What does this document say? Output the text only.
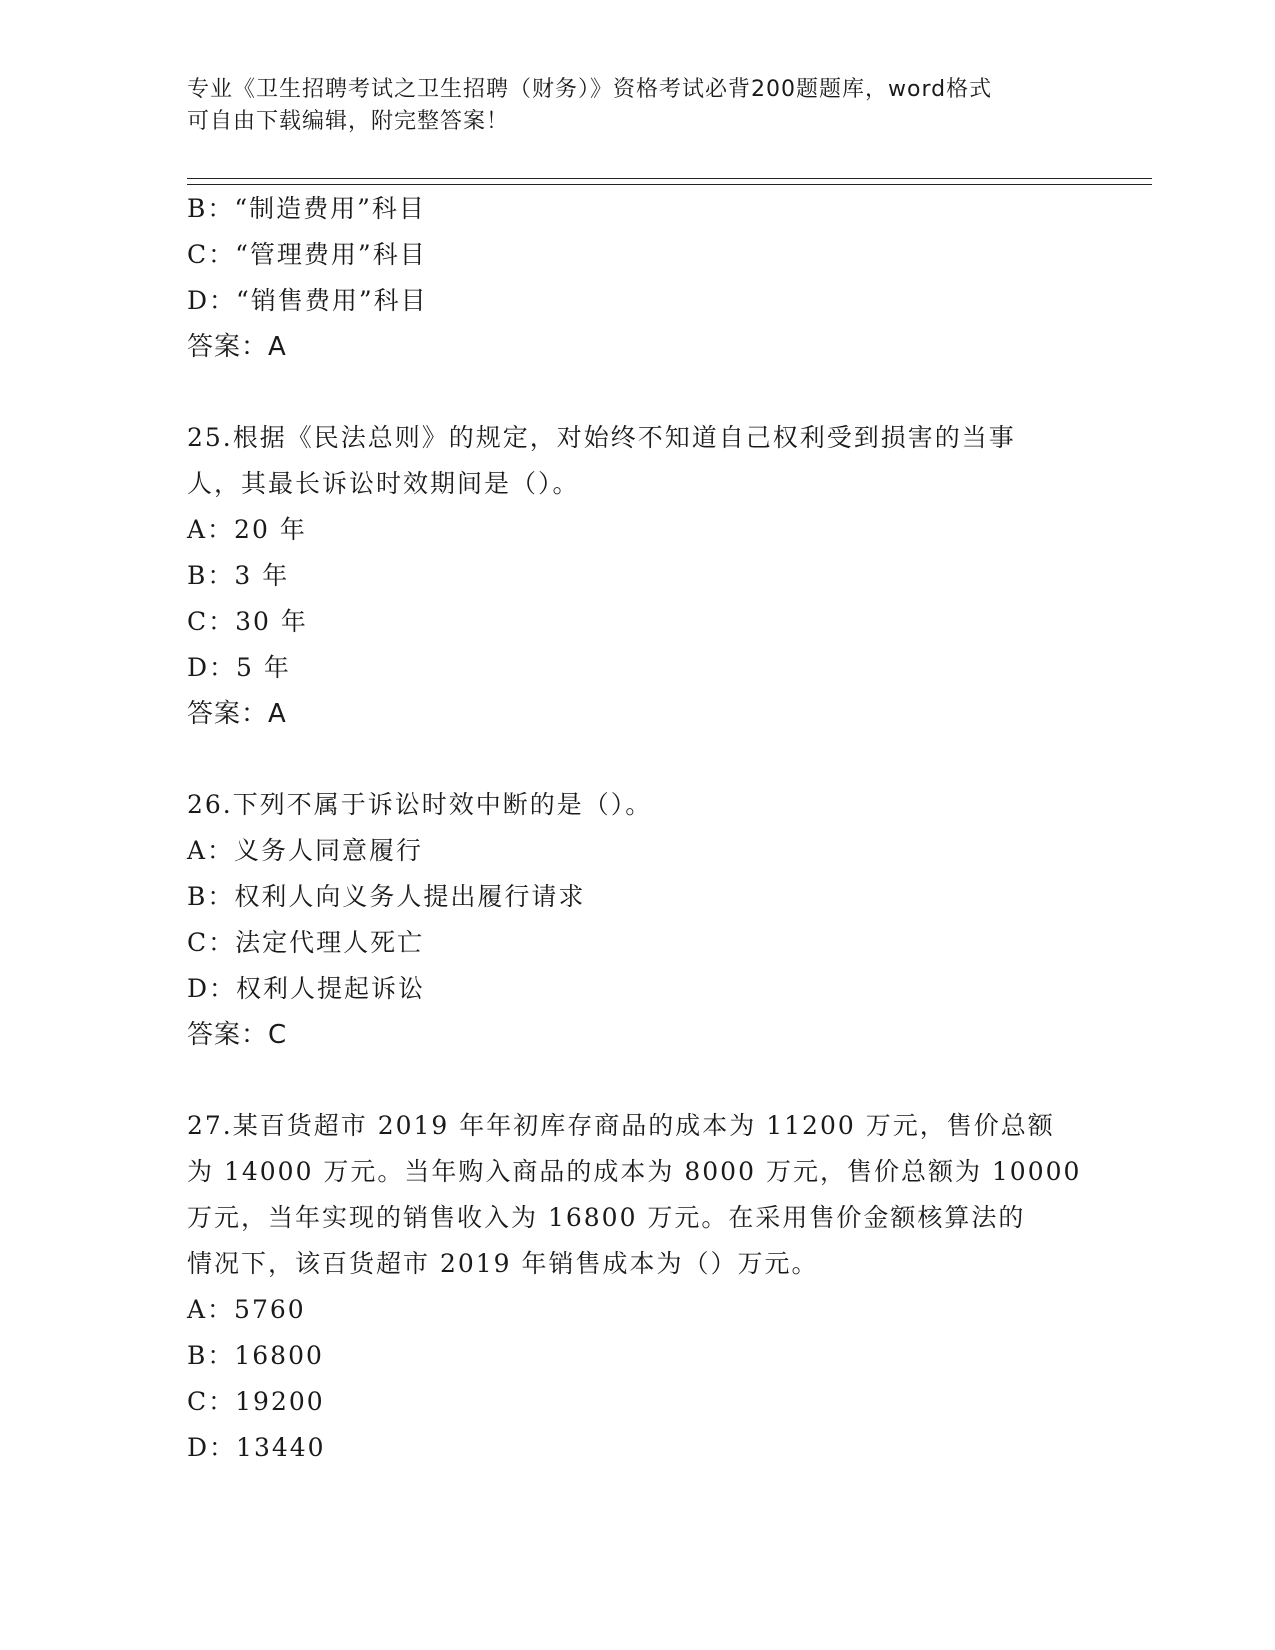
专业《卫生招聘考试之卫生招聘（财务）》资格考试必背200题题库，word格式
可自由下载编辑，附完整答案！
B：“制造费用”科目
C：“管理费用”科目
D：“销售费用”科目
答案：A
25.根据《民法总则》的规定，对始终不知道自己权利受到损害的当事
人，其最长诉讼时效期间是（）。
A：20 年
B：3 年
C：30 年
D：5 年
答案：A
26.下列不属于诉讼时效中断的是（）。
A：义务人同意履行
B：权利人向义务人提出履行请求
C：法定代理人死亡
D：权利人提起诉讼
答案：C
27.某百货超市 2019 年年初库存商品的成本为 11200 万元，售价总额
为 14000 万元。当年购入商品的成本为 8000 万元，售价总额为 10000
万元，当年实现的销售收入为 16800 万元。在采用售价金额核算法的
情况下，该百货超市 2019 年销售成本为（）万元。
A：5760
B：16800
C：19200
D：13440
